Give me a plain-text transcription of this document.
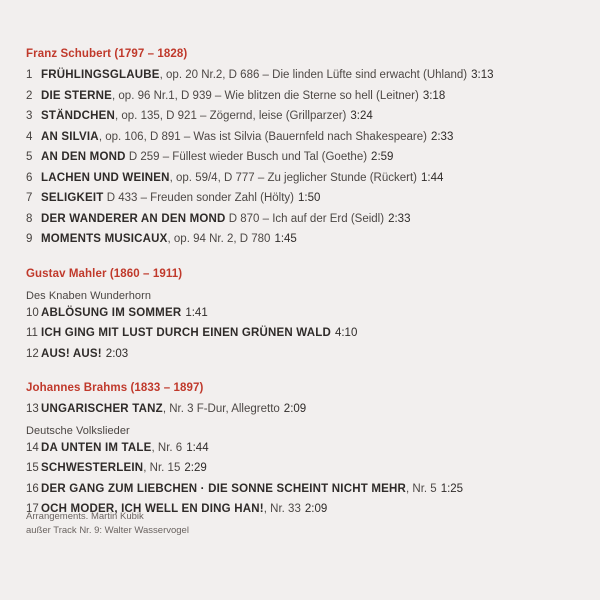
Franz Schubert (1797 – 1828)
1 FRÜHLINGSGLAUBE, op. 20 Nr.2, D 686 – Die linden Lüfte sind erwacht (Uhland) 3:13
2 DIE STERNE, op. 96 Nr.1, D 939 – Wie blitzen die Sterne so hell (Leitner) 3:18
3 STÄNDCHEN, op. 135, D 921 – Zögernd, leise (Grillparzer) 3:24
4 AN SILVIA, op. 106, D 891 – Was ist Silvia (Bauernfeld nach Shakespeare) 2:33
5 AN DEN MOND D 259 – Füllest wieder Busch und Tal (Goethe) 2:59
6 LACHEN UND WEINEN, op. 59/4, D 777 – Zu jeglicher Stunde (Rückert) 1:44
7 SELIGKEIT D 433 – Freuden sonder Zahl (Hölty) 1:50
8 DER WANDERER AN DEN MOND D 870 – Ich auf der Erd (Seidl) 2:33
9 MOMENTS MUSICAUX, op. 94 Nr. 2, D 780 1:45
Gustav Mahler (1860 – 1911)

Des Knaben Wunderhorn

10 ABLÖSUNG IM SOMMER 1:41
11 ICH GING MIT LUST DURCH EINEN GRÜNEN WALD 4:10
12 AUS! AUS! 2:03
Johannes Brahms (1833 – 1897)
13 UNGARISCHER TANZ, Nr. 3 F-Dur, Allegretto 2:09

Deutsche Volkslieder

14 DA UNTEN IM TALE, Nr. 6 1:44
15 SCHWESTERLEIN, Nr. 15 2:29
16 DER GANG ZUM LIEBCHEN · DIE SONNE SCHEINT NICHT MEHR, Nr. 5 1:25
17 OCH MODER, ICH WELL EN DING HAN!, Nr. 33 2:09
Arrangements. Martin Kubik
außer Track Nr. 9: Walter Wasservogel
